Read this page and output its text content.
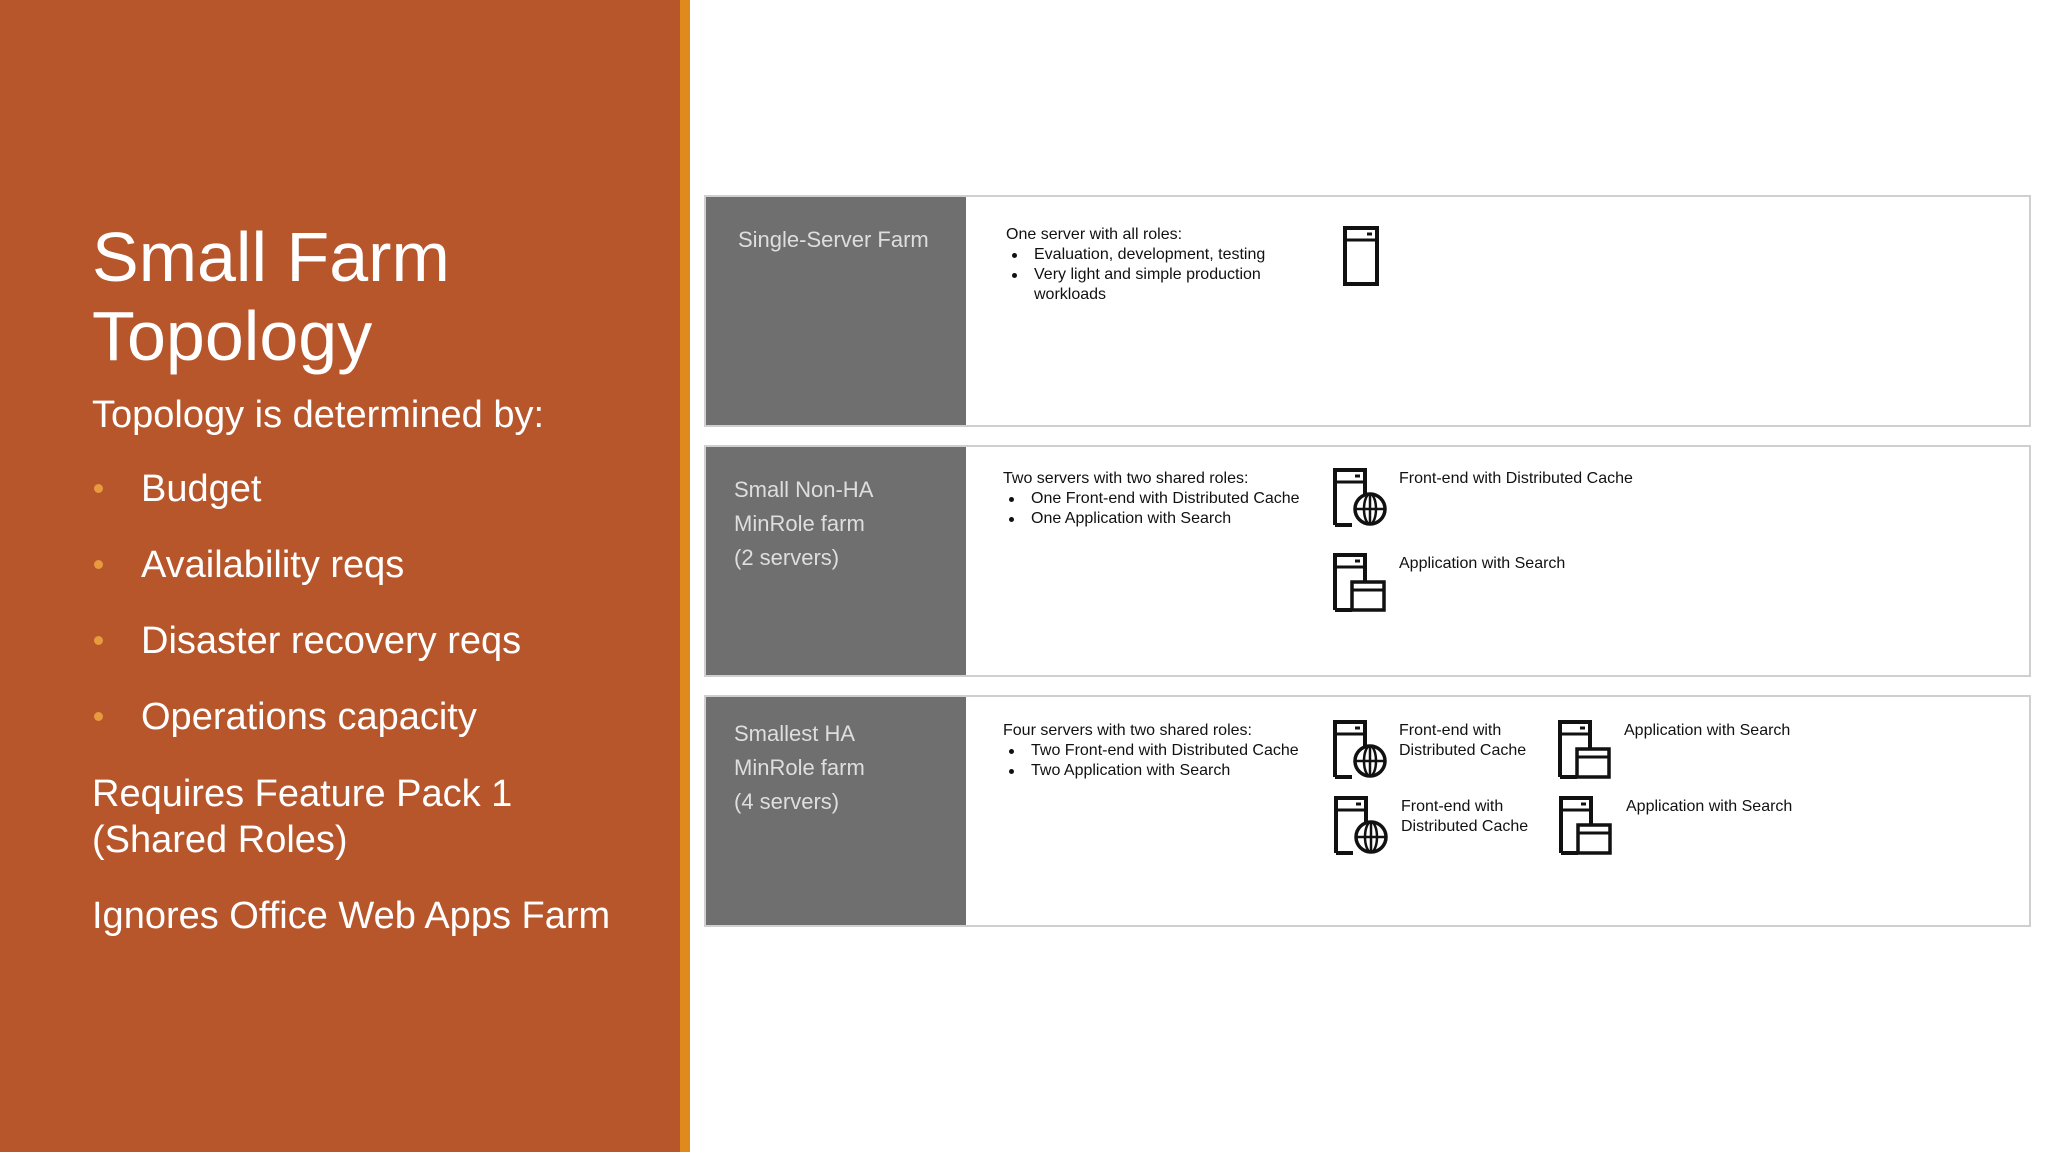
Small Farm Topology

Topology is determined by:

Budget
Availability reqs
Disaster recovery reqs
Operations capacity

Requires Feature Pack 1 (Shared Roles)

Ignores Office Web Apps Farm

Single-Server Farm	One server with all roles:
Evaluation, development, testing
Very light and simple production workloads
Small Non-HA
MinRole farm
(2 servers)
Two servers with two shared roles:
One Front-end with Distributed Cache
One Application with Search
Front-end with Distributed Cache
Application with Search
Smallest HA
MinRole farm
(4 servers)
Four servers with two shared roles:
Two Front-end with Distributed Cache
Two Application with Search
Front-end with Distributed Cache
Application with Search
Front-end with Distributed Cache
Application with Search
